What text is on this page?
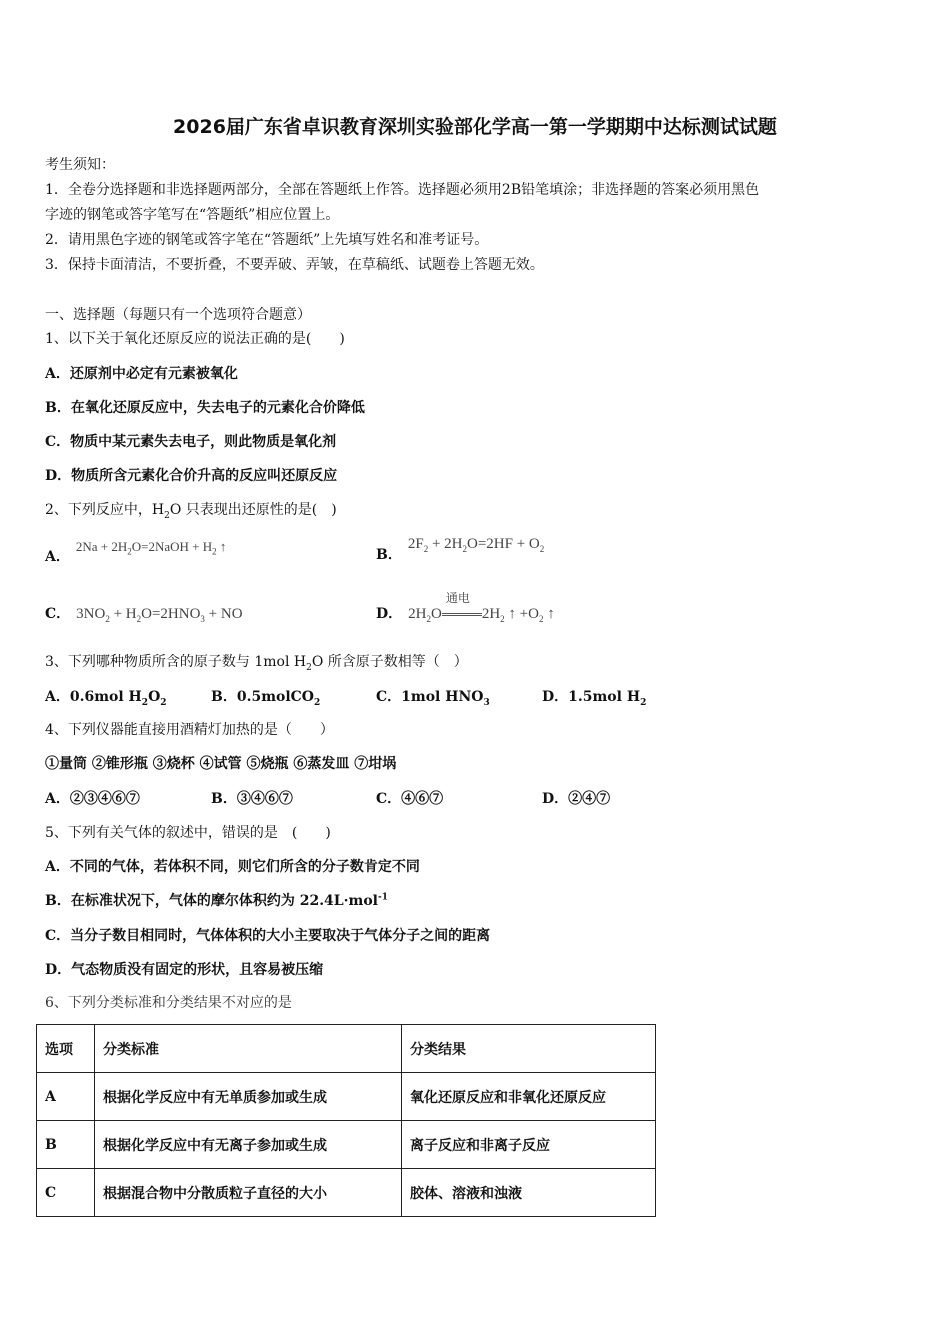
2026届广东省卓识教育深圳实验部化学高一第一学期期中达标测试试题
考生须知：
1．全卷分选择题和非选择题两部分，全部在答题纸上作答。选择题必须用2B铅笔填涂；非选择题的答案必须用黑色
字迹的钢笔或答字笔写在“答题纸”相应位置上。
2．请用黑色字迹的钢笔或答字笔在“答题纸”上先填写姓名和准考证号。
3．保持卡面清洁，不要折叠，不要弄破、弄皱，在草稿纸、试题卷上答题无效。
一、选择题（每题只有一个选项符合题意）
1、以下关于氧化还原反应的说法正确的是(　　)
A．还原剂中必定有元素被氧化
B．在氧化还原反应中，失去电子的元素化合价降低
C．物质中某元素失去电子，则此物质是氧化剂
D．物质所含元素化合价升高的反应叫还原反应
2、下列反应中，$H_2O$ 只表现出还原性的是(　)
A．$2Na + 2H_2O=2NaOH + H_2$ ↑
B．$2F_2 + 2H_2O=2HF + O_2$
C． $3NO_2 + H_2O=2HNO_3$ + NO	D． $2H_2O$
通电
$2H_2$ ↑ $+O_2$ ↑
3、下列哪种物质所含的原子数与 1mol $H_2O$ 所含原子数相等（　）
A．0.6mol $H_2O_2$	B．0.5molCO$_2$	C．1mol $HNO_3$	D．1.5mol $H_2$
4、下列仪器能直接用酒精灯加热的是（　　）
①量筒 ②锥形瓶 ③烧杯 ④试管 ⑤烧瓶 ⑥蒸发皿 ⑦坩埚
A．②③④⑥⑦	B．③④⑥⑦	C．④⑥⑦	D．②④⑦
5、下列有关气体的叙述中，错误的是　(　　)
A．不同的气体，若体积不同，则它们所含的分子数肯定不同
B．在标准状况下，气体的摩尔体积约为 22.4L·mol$^{-1}$
C．当分子数目相同时，气体体积的大小主要取决于气体分子之间的距离
D．气态物质没有固定的形状，且容易被压缩
6、下列分类标准和分类结果不对应的是
选项	分类标准	分类结果
A	根据化学反应中有无单质参加或生成	氧化还原反应和非氧化还原反应
B	根据化学反应中有无离子参加或生成	离子反应和非离子反应
C	根据混合物中分散质粒子直径的大小	胶体、溶液和浊液
